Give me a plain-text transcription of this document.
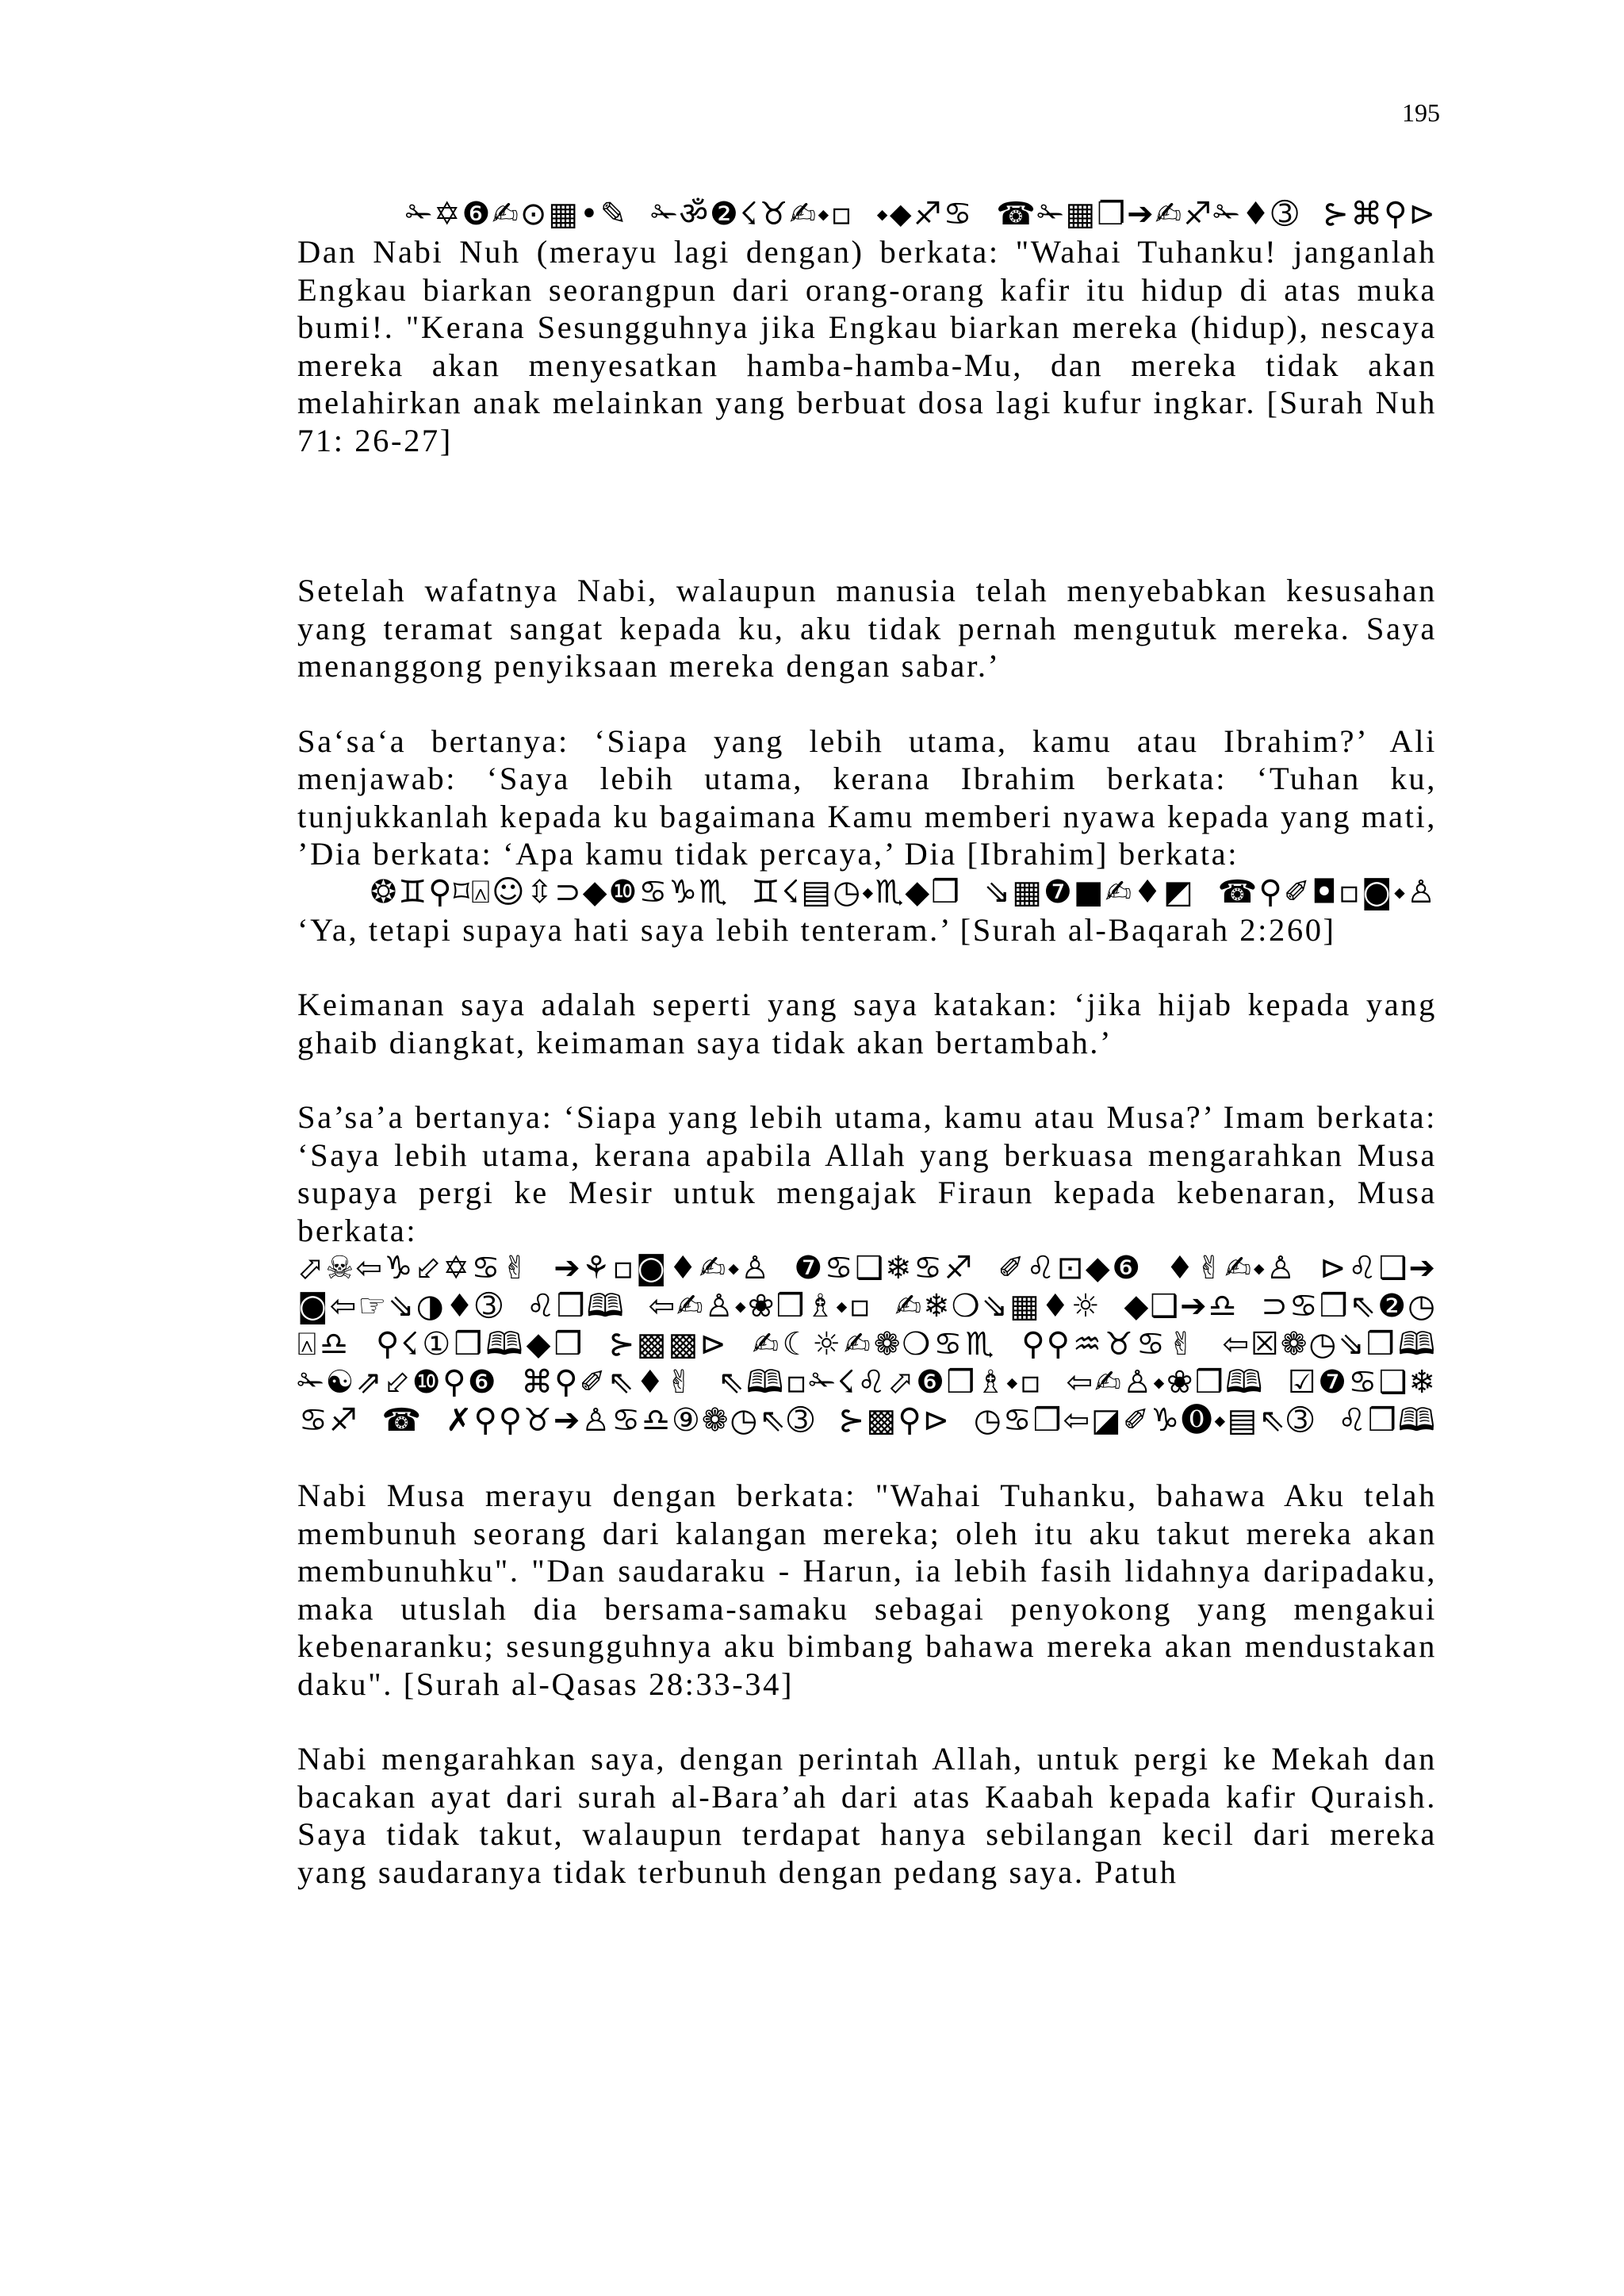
195
✁✡❻✍⊙▦•✎ ✁ॐ❷☇♉✍⬩▫ ⬩⬥♐♋ ☎✁▦❐➔✍♐✁♦➂ ⊱⌘⚲⊳

Dan Nabi Nuh (merayu lagi dengan) berkata: "Wahai Tuhanku! janganlah Engkau biarkan seorangpun dari orang-orang kafir itu hidup di atas muka bumi!. "Kerana Sesungguhnya jika Engkau biarkan mereka (hidup), nescaya mereka akan menyesatkan hamba-hamba-Mu, dan mereka tidak akan melahirkan anak melainkan yang berbuat dosa lagi kufur ingkar. [Surah Nuh 71: 26-27]

Setelah wafatnya Nabi, walaupun manusia telah menyebabkan kesusahan yang teramat sangat kepada ku, aku tidak pernah mengutuk mereka. Saya menanggong penyiksaan mereka dengan sabar.’

Sa‘sa‘a bertanya: ‘Siapa yang lebih utama, kamu atau Ibrahim?’ Ali menjawab: ‘Saya lebih utama, kerana Ibrahim berkata: ‘Tuhan ku, tunjukkanlah kepada ku bagaimana Kamu memberi nyawa kepada yang mati, ’Dia berkata: ‘Apa kamu tidak percaya,’ Dia [Ibrahim] berkata:

❂♊⚲⌑⍓☺⇳⊃◆❿♋♑♏ ♊☇▤◷⬩♏◆❒ ⇘▦❼■✍♦◩ ☎⚲✐◘▫◙⬩♙

‘Ya, tetapi supaya hati saya lebih tenteram.’ [Surah al-Baqarah 2:260]

Keimanan saya adalah seperti yang saya katakan: ‘jika hijab kepada yang ghaib diangkat, keimaman saya tidak akan bertambah.’

Sa’sa’a bertanya: ‘Siapa yang lebih utama, kamu atau Musa?’ Imam berkata: ‘Saya lebih utama, kerana apabila Allah yang berkuasa mengarahkan Musa supaya pergi ke Mesir untuk mengajak Firaun kepada kebenaran, Musa berkata:

⬀☠⇦♑⬃✡♋✌ ➔⚘▫◙♦✍⬩♙ ❼♋❑❄♋♐ ✐♌⊡◆❻ ♦✌✍⬩♙ ⊳♌❑➔◙⇦☞⇘◑♦➂ ♌❒🕮 ⇦✍♙⬩❀❒♗⬩▫ ✍❄❍⇘▦♦☼ ◆❑➔♎ ⊃♋❒⇖❷◷⍓♎ ⚲☇①❒🕮◆❒ ⊱▩▩⊳ ✍☾☼✍❁❍♋♏ ⚲⚲♒♉♋✌ ⇦☒❁◷⇘❒🕮 ✁☯⇗⬃❿⚲❻ ⌘⚲✐⇖♦✌ ⇖🕮▫✁☇♌⬀❻❒♗⬩▫ ⇦✍♙⬩❀❒🕮 ☑❼♋❑❄♋♐ ☎ ✗⚲⚲♉➔♙♋♎⑨❁◷⇖➂ ⊱▩⚲⊳ ◷♋❒⇦◪✐♑⓿⬩▤⇖➂ ♌❒🕮

Nabi Musa merayu dengan berkata: "Wahai Tuhanku, bahawa Aku telah membunuh seorang dari kalangan mereka; oleh itu aku takut mereka akan membunuhku". "Dan saudaraku - Harun, ia lebih fasih lidahnya daripadaku, maka utuslah dia bersama-samaku sebagai penyokong yang mengakui kebenaranku; sesungguhnya aku bimbang bahawa mereka akan mendustakan daku". [Surah al-Qasas 28:33-34]

Nabi mengarahkan saya, dengan perintah Allah, untuk pergi ke Mekah dan bacakan ayat dari surah al-Bara’ah dari atas Kaabah kepada kafir Quraish. Saya tidak takut, walaupun terdapat hanya sebilangan kecil dari mereka yang saudaranya tidak terbunuh dengan pedang saya. Patuh
